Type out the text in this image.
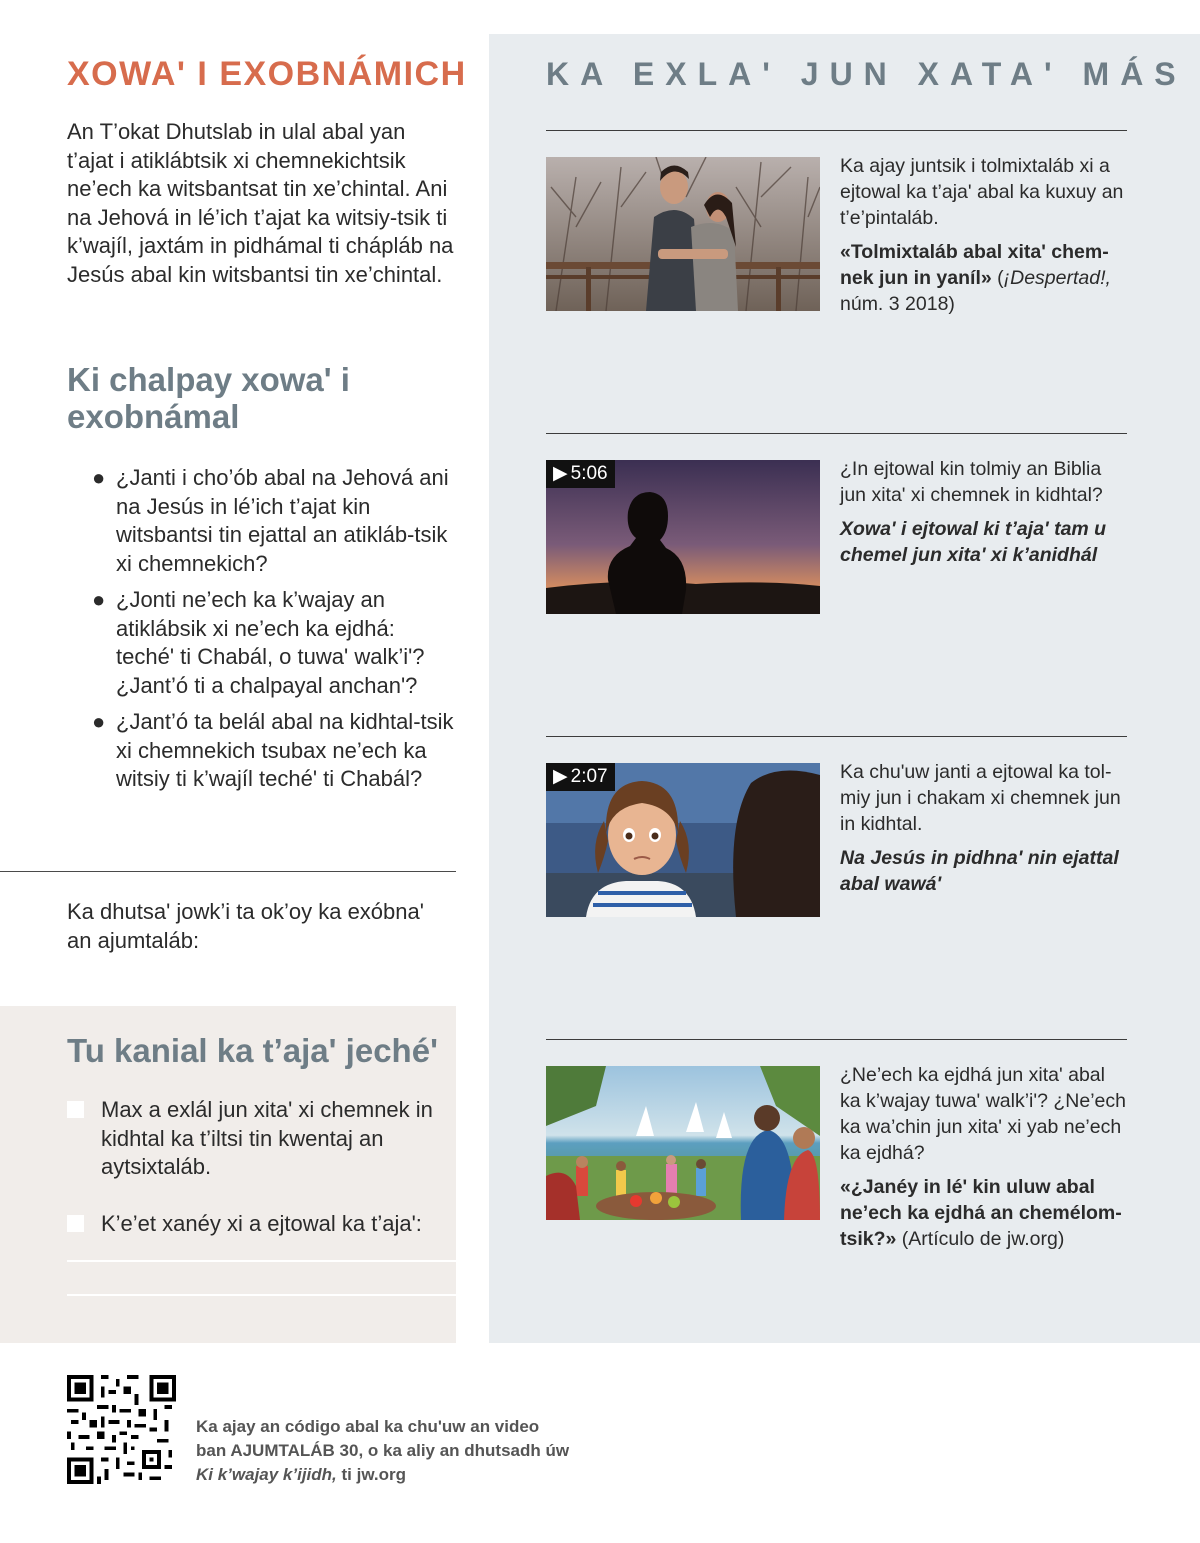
XOWA' I EXOBNÁMICH

An T’okat Dhutslab in ulal abal yan t’ajat i atiklábtsik xi chemnekichtsik ne’ech ka witsbantsat tin xe’chintal. Ani na Jehová in lé’ich t’ajat ka witsiy-tsik ti k’wajíl, jaxtám in pidhámal ti chápláb na Jesús abal kin witsbantsi tin xe’chintal.

Ki chalpay xowa' i exobnámal
● ¿Janti i cho’ób abal na Jehová ani na Jesús in lé’ich t’ajat kin witsbantsi tin ejattal an atikláb-tsik xi chemnekich?
● ¿Jonti ne’ech ka k’wajay an atiklábsik xi ne’ech ka ejdhá: teché' ti Chabál, o tuwa' walk’i'? ¿Jant’ó ti a chalpayal anchan'?
● ¿Jant’ó ta belál abal na kidhtal-tsik xi chemnekich tsubax ne’ech ka witsiy ti k’wajíl teché' ti Chabál?

Ka dhutsa' jowk’i ta ok’oy ka exóbna' an ajumtaláb:

Tu kanial ka t’aja' jeché'
Max a exlál jun xita' xi chemnek in kidhtal ka t’iltsi tin kwentaj an aytsixtaláb.
K’e’et xanéy xi a ejtowal ka t’aja':
KA EXLA' JUN XATA' MÁS

Ka ajay juntsik i tolmixtaláb xi a ejtowal ka t’aja' abal ka kuxuy an t’e’pintaláb.

«Tolmixtaláb abal xita' chem-nek jun in yaníl» (¡Despertad!, núm. 3 2018)

▶ 5:06	¿In ejtowal kin tolmiy an Biblia jun xita' xi chemnek in kidhtal?

Xowa' i ejtowal ki t’aja' tam u chemel jun xita' xi k’anidhál

▶ 2:07	Ka chu'uw janti a ejtowal ka tol-miy jun i chakam xi chemnek jun in kidhtal.

Na Jesús in pidhna' nin ejattal abal wawá'

¿Ne’ech ka ejdhá jun xita' abal ka k’wajay tuwa' walk’i'? ¿Ne’ech ka wa’chin jun xita' xi yab ne’ech ka ejdhá?

«¿Janéy in lé' kin uluw abal ne’ech ka ejdhá an chemélom-tsik?» (Artículo de jw.org)

Ka ajay an código abal ka chu'uw an video
ban AJUMTALÁB 30, o ka aliy an dhutsadh úw
Ki k’wajay k’ijidh, ti jw.org
